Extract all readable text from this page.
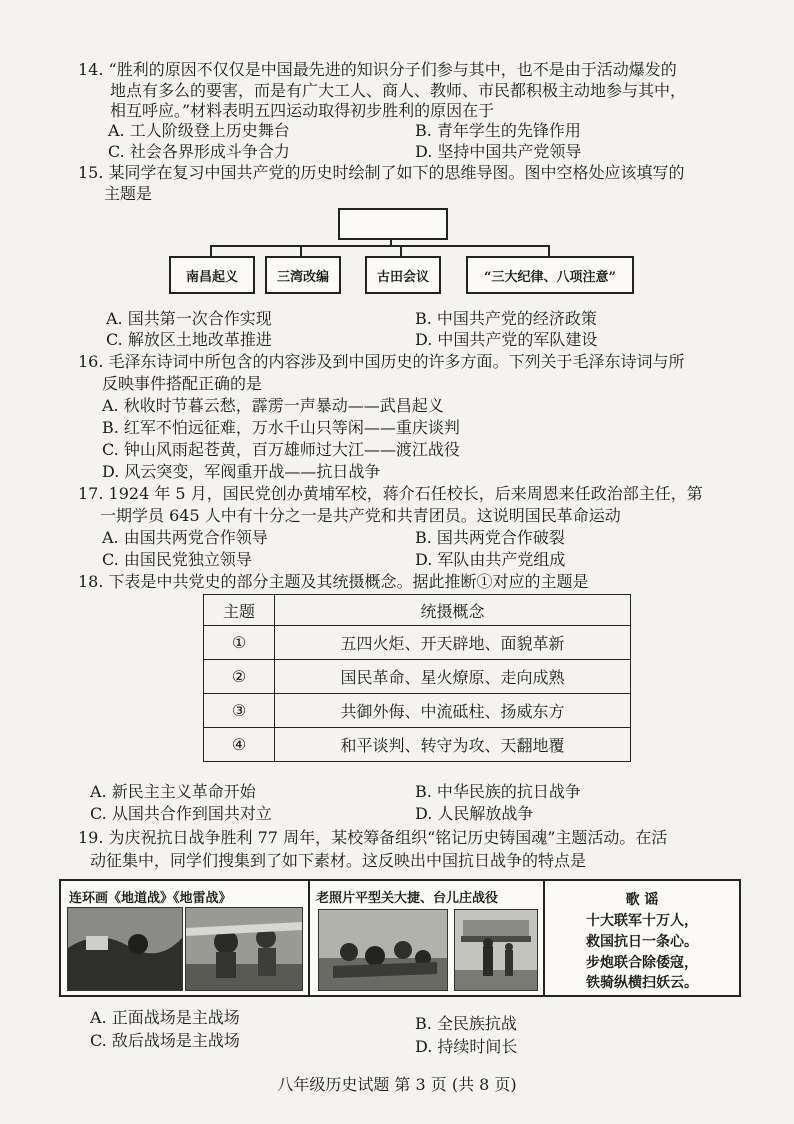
14. “胜利的原因不仅仅是中国最先进的知识分子们参与其中，也不是由于活动爆发的
地点有多么的要害，而是有广大工人、商人、教师、市民都积极主动地参与其中，
相互呼应。”材料表明五四运动取得初步胜利的原因在于
A. 工人阶级登上历史舞台	B. 青年学生的先锋作用
C. 社会各界形成斗争合力	D. 坚持中国共产党领导
15. 某同学在复习中国共产党的历史时绘制了如下的思维导图。图中空格处应该填写的
主题是
南昌起义	三湾改编	古田会议	“三大纪律、八项注意”
A. 国共第一次合作实现	B. 中国共产党的经济政策
C. 解放区土地改革推进	D. 中国共产党的军队建设
16. 毛泽东诗词中所包含的内容涉及到中国历史的许多方面。下列关于毛泽东诗词与所
反映事件搭配正确的是
A. 秋收时节暮云愁，霹雳一声暴动——武昌起义
B. 红军不怕远征难，万水千山只等闲——重庆谈判
C. 钟山风雨起苍黄，百万雄师过大江——渡江战役
D. 风云突变，军阀重开战——抗日战争
17. 1924 年 5 月，国民党创办黄埔军校，蒋介石任校长，后来周恩来任政治部主任，第
一期学员 645 人中有十分之一是共产党和共青团员。这说明国民革命运动
A. 由国共两党合作领导	B. 国共两党合作破裂
C. 由国民党独立领导	D. 军队由共产党组成
18. 下表是中共党史的部分主题及其统摄概念。据此推断①对应的主题是
主题	统摄概念
①	五四火炬、开天辟地、面貌革新
②	国民革命、星火燎原、走向成熟
③	共御外侮、中流砥柱、扬威东方
④	和平谈判、转守为攻、天翻地覆
A. 新民主主义革命开始	B. 中华民族的抗日战争
C. 从国共合作到国共对立	D. 人民解放战争
19. 为庆祝抗日战争胜利 77 周年，某校筹备组织“铭记历史铸国魂”主题活动。在活
动征集中，同学们搜集到了如下素材。这反映出中国抗日战争的特点是
连环画《地道战》《地雷战》	老照片平型关大捷、台儿庄战役	歌 谣
十大联军十万人，
救国抗日一条心。
步炮联合除倭寇，
铁骑纵横扫妖云。
A. 正面战场是主战场	B. 全民族抗战
C. 敌后战场是主战场	D. 持续时间长
八年级历史试题 第 3 页 (共 8 页)
